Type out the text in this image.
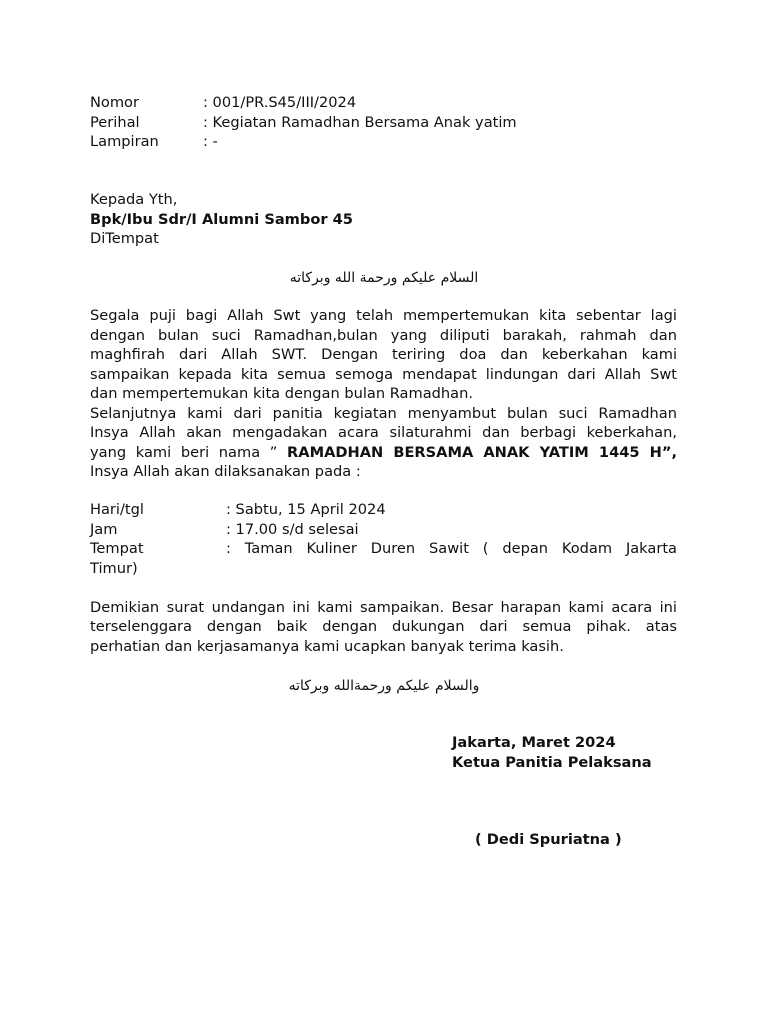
Nomor	: 001/PR.S45/III/2024
Perihal	: Kegiatan Ramadhan Bersama Anak yatim
Lampiran	: -
Kepada Yth,
Bpk/Ibu Sdr/I Alumni Sambor 45
DiTempat
السلام عليكم ورحمة الله وبركاته
Segala puji bagi Allah Swt yang telah mempertemukan kita sebentar lagi
dengan bulan suci Ramadhan,bulan yang diliputi barakah, rahmah dan
maghfirah dari Allah SWT. Dengan teriring doa dan keberkahan kami
sampaikan kepada kita semua semoga mendapat lindungan dari Allah Swt
dan mempertemukan kita dengan bulan Ramadhan.
Selanjutnya kami dari panitia kegiatan menyambut bulan suci Ramadhan
Insya Allah akan mengadakan acara silaturahmi dan berbagi keberkahan,
yang kami beri nama ” RAMADHAN BERSAMA ANAK YATIM 1445 H”,
Insya Allah akan dilaksanakan pada :
Hari/tgl	: Sabtu, 15 April 2024
Jam	: 17.00 s/d selesai
Tempat	: Taman Kuliner Duren Sawit ( depan Kodam Jakarta
Timur)
Demikian surat undangan ini kami sampaikan. Besar harapan kami acara ini
terselenggara dengan baik dengan dukungan dari semua pihak. atas
perhatian dan kerjasamanya kami ucapkan banyak terima kasih.
والسلام عليكم ورحمةالله وبركاته
Jakarta, Maret 2024
Ketua Panitia Pelaksana
( Dedi Spuriatna )
